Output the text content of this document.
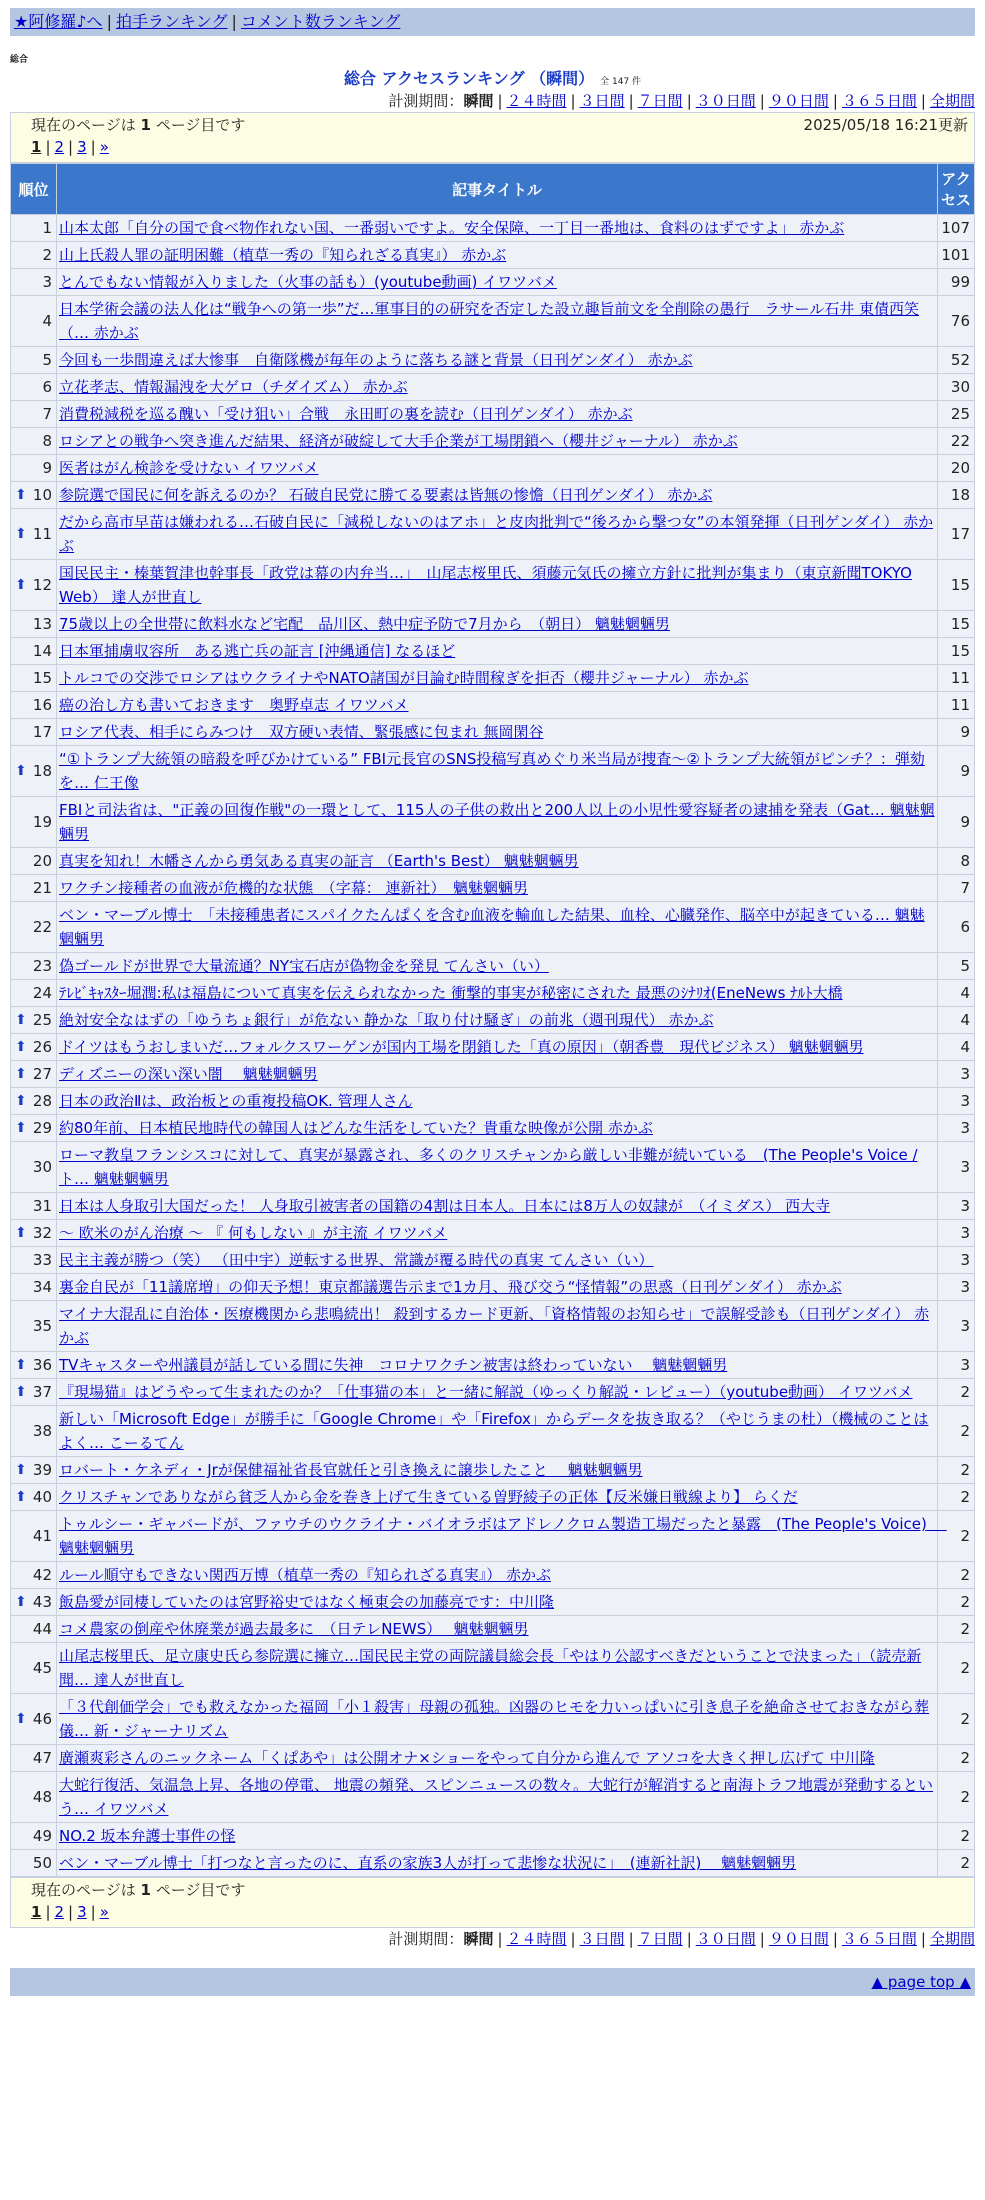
★阿修羅♪へ | 拍手ランキング | コメント数ランキング
総合
総合 アクセスランキング （瞬間） 全 147 件
計測期間：瞬間 | ２４時間 | ３日間 | ７日間 | ３０日間 | ９０日間 | ３６５日間 | 全期間
現在のページは 1 ページ目です	2025/05/18 16:21更新
1 | 2 | 3 | »
順位	記事タイトル	アクセス
1	山本太郎「自分の国で食べ物作れない国、一番弱いですよ。安全保障、一丁目一番地は、食料のはずですよ」 赤かぶ	107
2	山上氏殺人罪の証明困難（植草一秀の『知られざる真実』） 赤かぶ	101
3	とんでもない情報が入りました（火事の話も）(youtube動画) イワツバメ	99
4	日本学術会議の法人化は“戦争への第一歩”だ…軍事目的の研究を否定した設立趣旨前文を全削除の愚行　ラサール石井 東債西笑（… 赤かぶ	76
5	今回も一歩間違えば大惨事　自衛隊機が毎年のように落ちる謎と背景（日刊ゲンダイ） 赤かぶ	52
6	立花孝志、情報漏洩を大ゲロ（チダイズム） 赤かぶ	30
7	消費税減税を巡る醜い「受け狙い」合戦　永田町の裏を読む（日刊ゲンダイ） 赤かぶ	25
8	ロシアとの戦争へ突き進んだ結果、経済が破綻して大手企業が工場閉鎖へ（櫻井ジャーナル） 赤かぶ	22
9	医者はがん検診を受けない イワツバメ	20

⬆ 10	参院選で国民に何を訴えるのか？ 石破自民党に勝てる要素は皆無の惨憺（日刊ゲンダイ） 赤かぶ	18

⬆ 11	だから高市早苗は嫌われる…石破自民に「減税しないのはアホ」と皮肉批判で“後ろから撃つ女”の本領発揮（日刊ゲンダイ） 赤かぶ	17

⬆ 12	国民民主・榛葉賀津也幹事長「政党は幕の内弁当…」　山尾志桜里氏、須藤元気氏の擁立方針に批判が集まり（東京新聞TOKYO Web） 達人が世直し	15
13	75歳以上の全世帯に飲料水など宅配　品川区、熱中症予防で7月から　（朝日） 魑魅魍魎男	15
14	日本軍捕虜収容所　ある逃亡兵の証言 [沖縄通信] なるほど	15
15	トルコでの交渉でロシアはウクライナやNATO諸国が目論む時間稼ぎを拒否（櫻井ジャーナル） 赤かぶ	11
16	癌の治し方も書いておきます　奥野卓志 イワツバメ	11
17	ロシア代表、相手にらみつけ　双方硬い表情、緊張感に包まれ 無岡閑谷	9

⬆ 18	“①トランプ大統領の暗殺を呼びかけている” FBI元長官のSNS投稿写真めぐり米当局が捜査～②トランプ大統領がピンチ？：弾劾を… 仁王像	9
19	FBIと司法省は、"正義の回復作戦"の一環として、115人の子供の救出と200人以上の小児性愛容疑者の逮捕を発表（Gat… 魑魅魍魎男	9
20	真実を知れ！木幡さんから勇気ある真実の証言 （Earth's Best） 魑魅魍魎男	8
21	ワクチン接種者の血液が危機的な状態　（字幕： 連新社）　魑魅魍魎男	7
22	ベン・マーブル博士　「未接種患者にスパイクたんぱくを含む血液を輸血した結果、血栓、心臓発作、脳卒中が起きている… 魑魅魍魎男	6
23	偽ゴールドが世界で大量流通？NY宝石店が偽物金を発見 てんさい（い）	5
24	ﾃﾚﾋﾞｷｬｽﾀｰ堀潤:私は福島について真実を伝えられなかった 衝撃的事実が秘密にされた 最悪のｼﾅﾘｵ(EneNews ﾅﾙﾄ大橋	4

⬆ 25	絶対安全なはずの「ゆうちょ銀行」が危ない 静かな「取り付け騒ぎ」の前兆（週刊現代） 赤かぶ	4

⬆ 26	ドイツはもうおしまいだ…フォルクスワーゲンが国内工場を閉鎖した「真の原因」（朝香豊　現代ビジネス） 魑魅魍魎男	4

⬆ 27	ディズニーの深い深い闇　 魑魅魍魎男	3

⬆ 28	日本の政治Ⅱは、政治板との重複投稿OK. 管理人さん	3

⬆ 29	約80年前、日本植民地時代の韓国人はどんな生活をしていた？貴重な映像が公開 赤かぶ	3
30	ローマ教皇フランシスコに対して、真実が暴露され、多くのクリスチャンから厳しい非難が続いている　(The People's Voice / ト… 魑魅魍魎男	3
31	日本は人身取引大国だった！ 人身取引被害者の国籍の4割は日本人。日本には8万人の奴隷が　（イミダス） 西大寺	3

⬆ 32	～ 欧米のがん治療 ～ 『 何もしない 』が主流 イワツバメ	3
33	民主主義が勝つ（笑） （田中宇）逆転する世界、常識が覆る時代の真実 てんさい（い）	3
34	裏金自民が「11議席増」の仰天予想！東京都議選告示まで1カ月、飛び交う“怪情報”の思惑（日刊ゲンダイ） 赤かぶ	3
35	マイナ大混乱に自治体・医療機関から悲鳴続出！ 殺到するカード更新、「資格情報のお知らせ」で誤解受診も（日刊ゲンダイ） 赤かぶ	3

⬆ 36	TVキャスターや州議員が話している間に失神　コロナワクチン被害は終わっていない　 魑魅魍魎男	3

⬆ 37	『現場猫』はどうやって生まれたのか？「仕事猫の本」と一緒に解説（ゆっくり解説・レビュー）（youtube動画） イワツバメ	2
38	新しい「Microsoft Edge」が勝手に「Google Chrome」や「Firefox」からデータを抜き取る？（やじうまの杜）（機械のことはよく… こーるてん	2

⬆ 39	ロバート・ケネディ・Jrが保健福祉省長官就任と引き換えに譲歩したこと　 魑魅魍魎男	2

⬆ 40	クリスチャンでありながら貧乏人から金を巻き上げて生きている曽野綾子の正体【反米嫌日戦線より】 らくだ	2
41	トゥルシー・ギャバードが、ファウチのウクライナ・バイオラボはアドレノクロム製造工場だったと暴露　(The People's Voice)　 魑魅魍魎男	2
42	ルール順守もできない関西万博（植草一秀の『知られざる真実』） 赤かぶ	2

⬆ 43	飯島愛が同棲していたのは宮野裕史ではなく極東会の加藤亮です：中川隆	2
44	コメ農家の倒産や休廃業が過去最多に　（日テレNEWS）　 魑魅魍魎男	2
45	山尾志桜里氏、足立康史氏ら参院選に擁立…国民民主党の両院議員総会長「やはり公認すべきだということで決まった」（読売新聞… 達人が世直し	2

⬆ 46	「３代創価学会」でも救えなかった福岡「小１殺害」母親の孤独。凶器のヒモを力いっぱいに引き息子を絶命させておきながら葬儀… 新・ジャーナリズム	2
47	廣瀬爽彩さんのニックネーム「くぱあや」は公開オナ×ショーをやって自分から進んで アソコを大きく押し広げて 中川隆	2
48	大蛇行復活、気温急上昇、各地の停電、 地震の頻発、スピンニュースの数々。大蛇行が解消すると南海トラフ地震が発動するという… イワツバメ	2
49	NO.2 坂本弁護士事件の怪	2
50	ベン・マーブル博士「打つなと言ったのに、直系の家族3人が打って悲惨な状況に」　(連新社訳)　 魑魅魍魎男	2
現在のページは 1 ページ目です
1 | 2 | 3 | »
計測期間：瞬間 | ２４時間 | ３日間 | ７日間 | ３０日間 | ９０日間 | ３６５日間 | 全期間
▲ page top ▲
